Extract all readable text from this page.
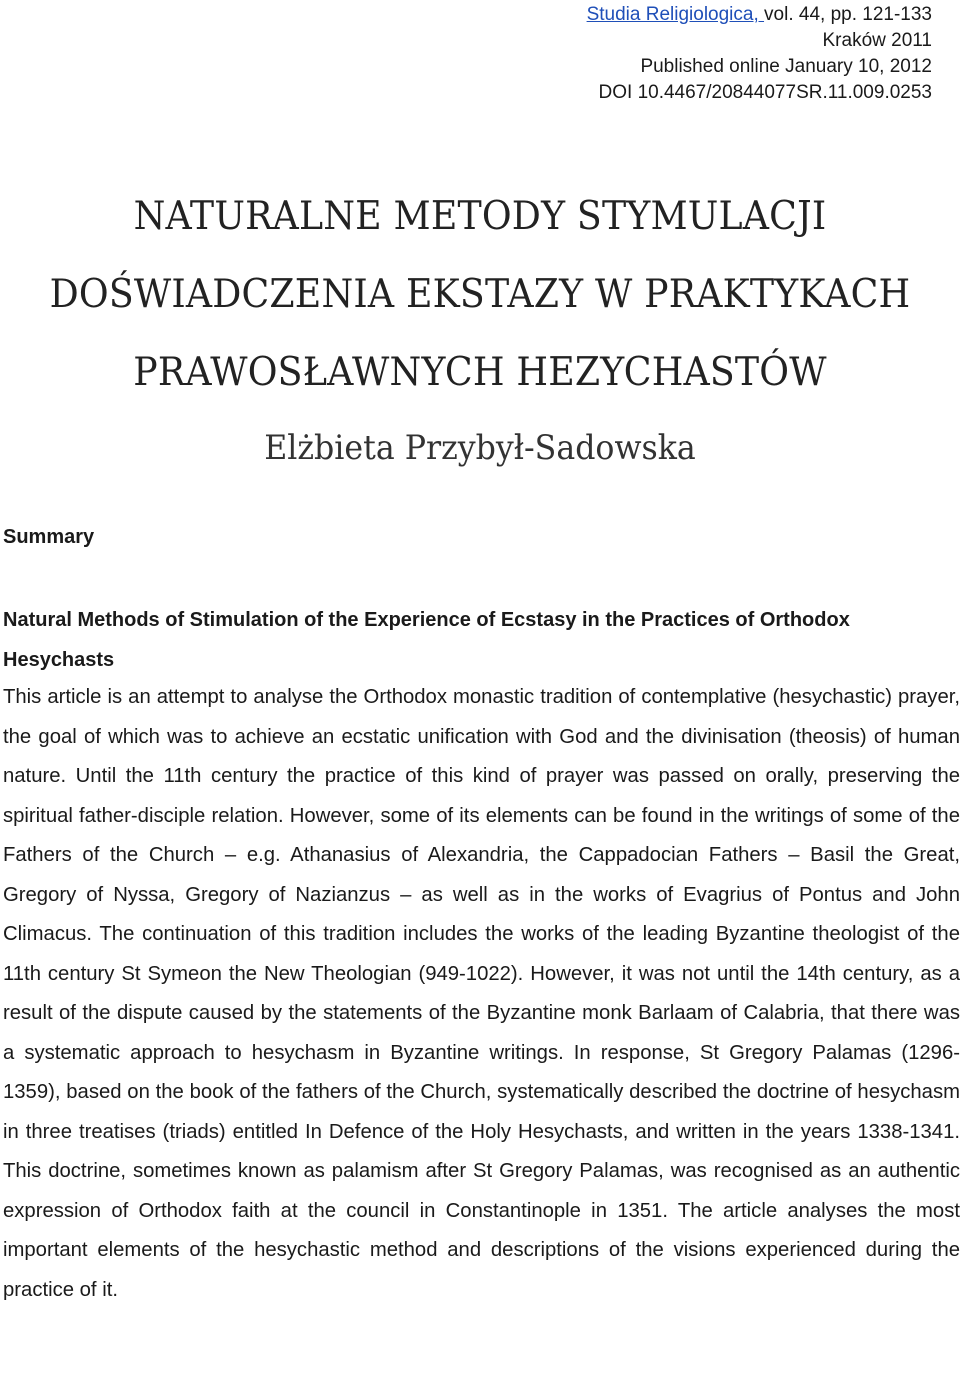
Studia Religiologica, vol. 44, pp. 121-133
Kraków 2011
Published online January 10, 2012
DOI 10.4467/20844077SR.11.009.0253
NATURALNE METODY STYMULACJI
DOŚWIADCZENIA EKSTAZY W PRAKTYKACH
PRAWOSŁAWNYCH HEZYCHASTÓW
Elżbieta Przybył-Sadowska
Summary
Natural Methods of Stimulation of the Experience of Ecstasy in the Practices of Orthodox Hesychasts
This article is an attempt to analyse the Orthodox monastic tradition of contemplative (hesychastic) prayer, the goal of which was to achieve an ecstatic unification with God and the divinisation (theosis) of human nature. Until the 11th century the practice of this kind of prayer was passed on orally, preserving the spiritual father-disciple relation. However, some of its elements can be found in the writings of some of the Fathers of the Church – e.g. Athanasius of Alexandria, the Cappadocian Fathers – Basil the Great, Gregory of Nyssa, Gregory of Nazianzus – as well as in the works of Evagrius of Pontus and John Climacus. The continuation of this tradition includes the works of the leading Byzantine theologist of the 11th century St Symeon the New Theologian (949-1022). However, it was not until the 14th century, as a result of the dispute caused by the statements of the Byzantine monk Barlaam of Calabria, that there was a systematic approach to hesychasm in Byzantine writings. In response, St Gregory Palamas (1296-1359), based on the book of the fathers of the Church, systematically described the doctrine of hesychasm in three treatises (triads) entitled In Defence of the Holy Hesychasts, and written in the years 1338-1341. This doctrine, sometimes known as palamism after St Gregory Palamas, was recognised as an authentic expression of Orthodox faith at the council in Constantinople in 1351. The article analyses the most important elements of the hesychastic method and descriptions of the visions experienced during the practice of it.
